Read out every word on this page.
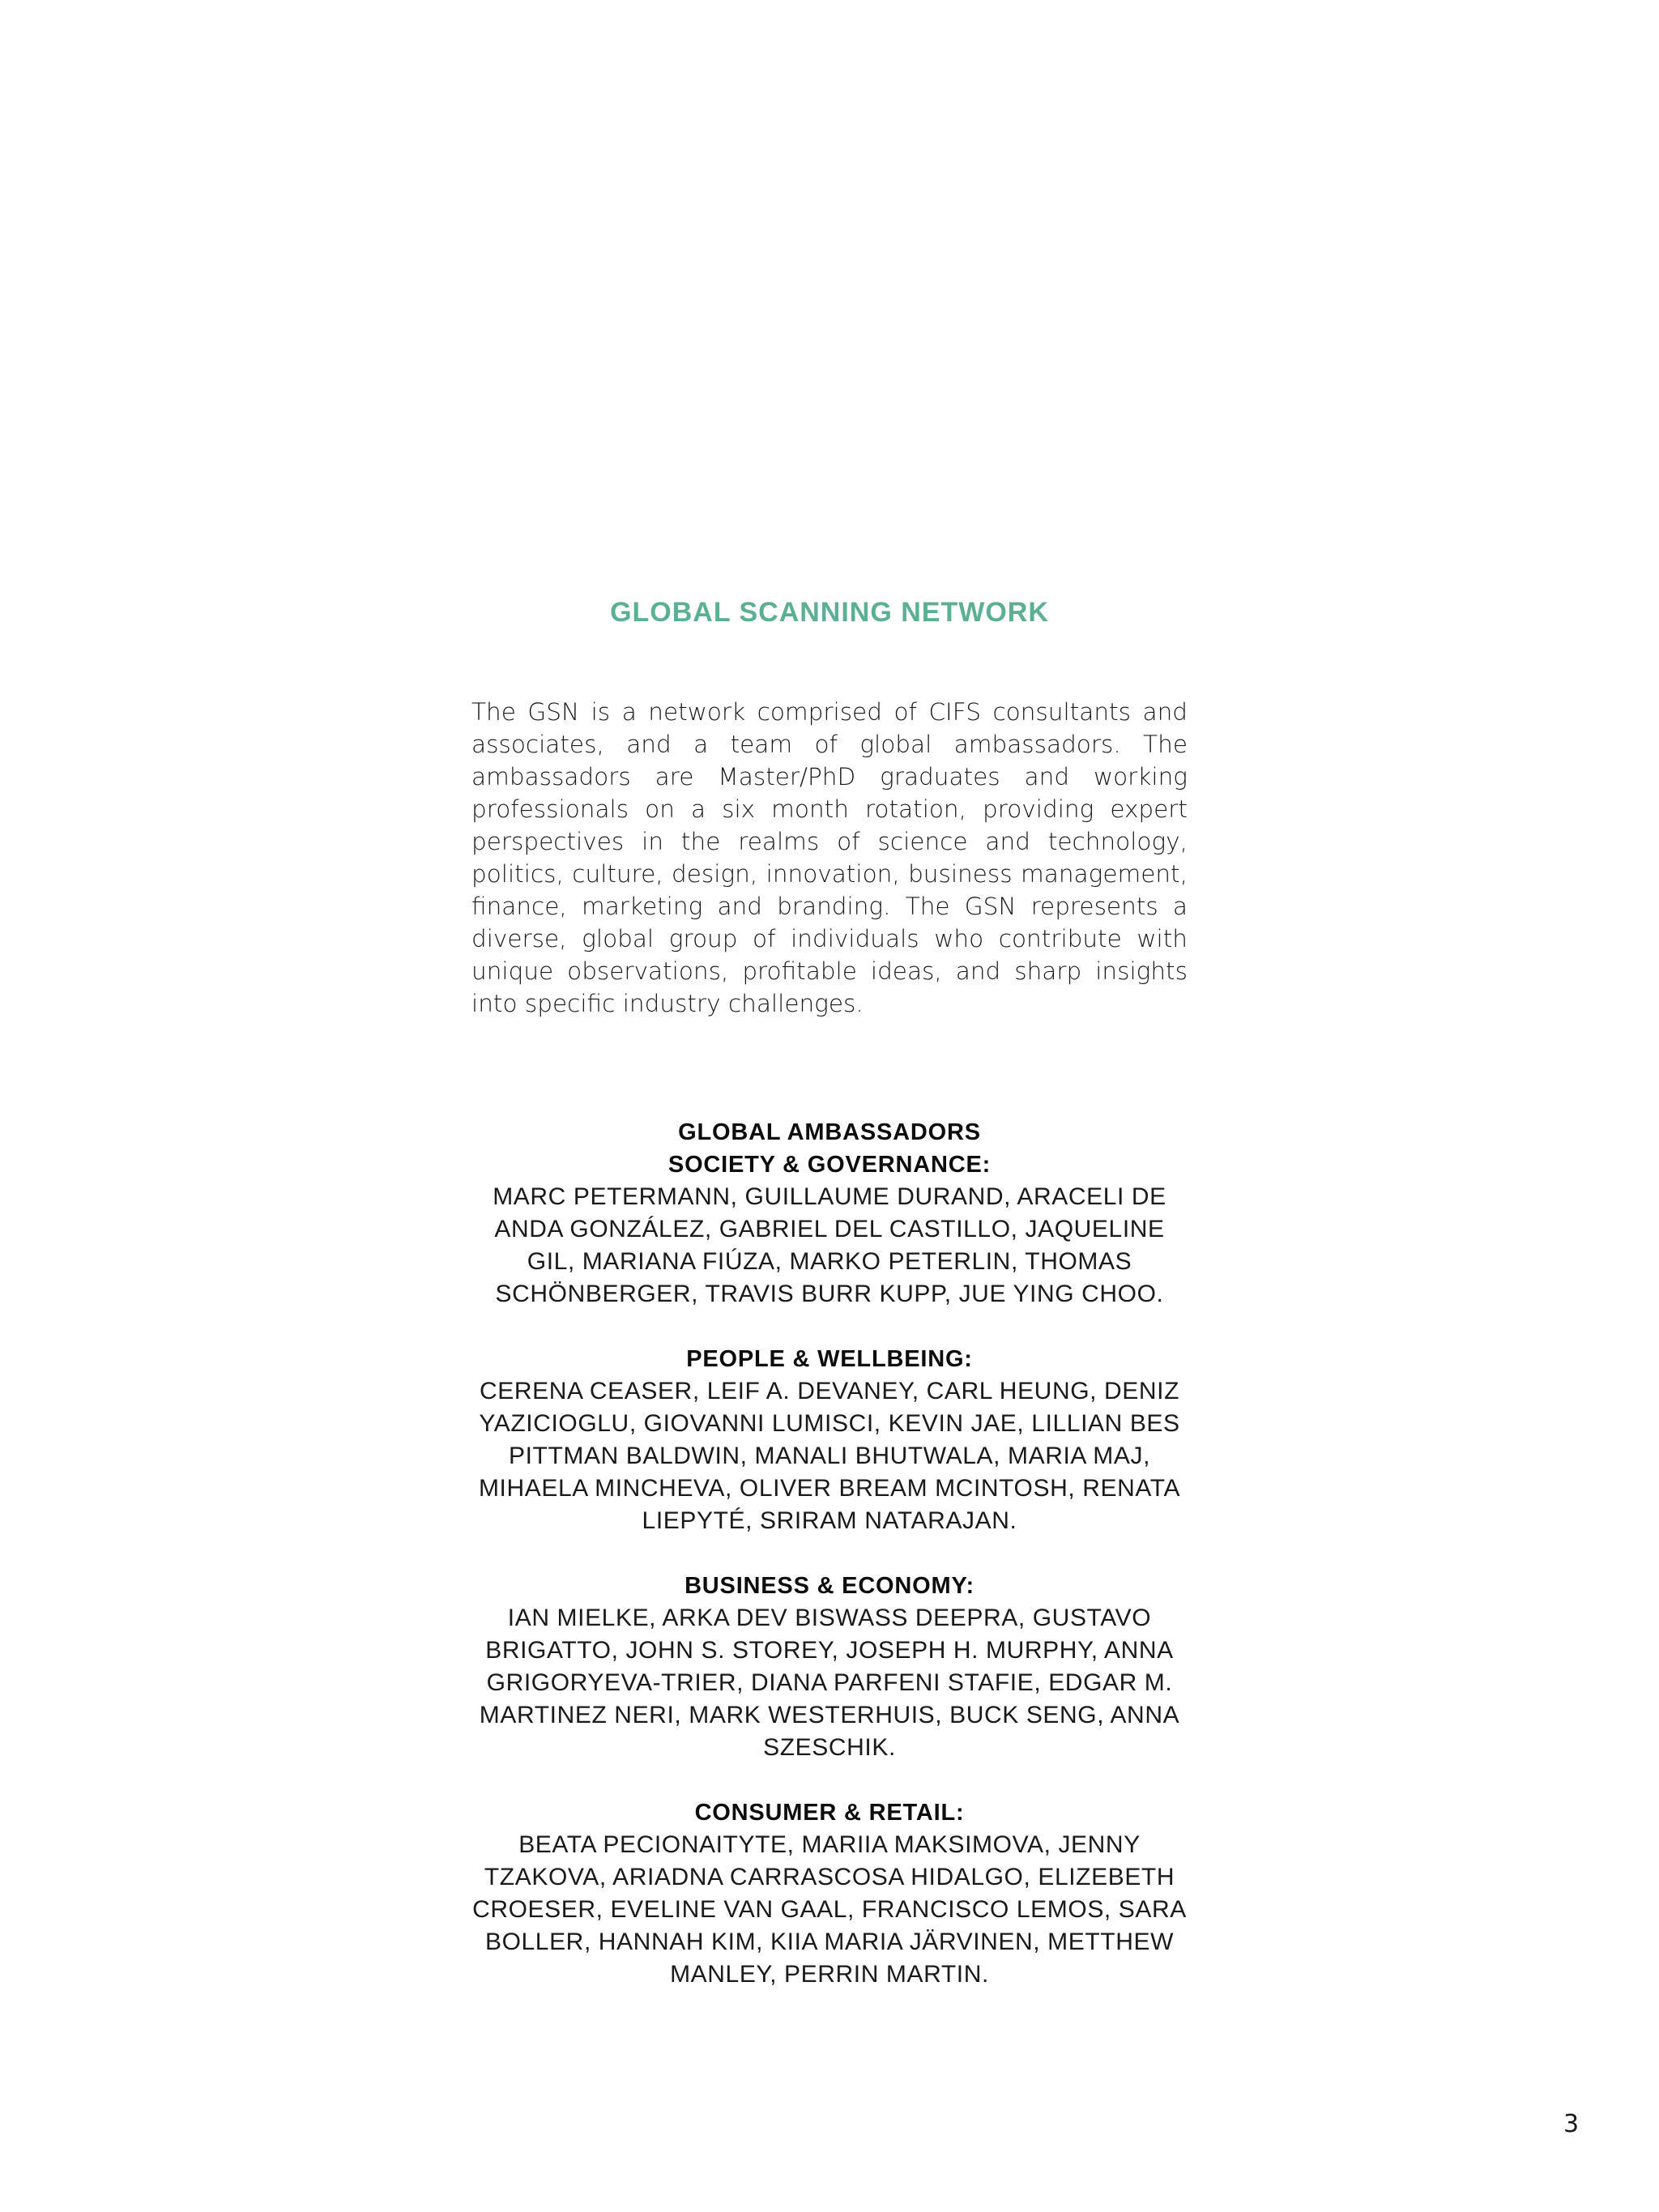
GLOBAL SCANNING NETWORK

The GSN is a network comprised of CIFS consultants and associates, and a team of global ambassadors. The ambassadors are Master/PhD graduates and working professionals on a six month rotation, providing expert perspectives in the realms of science and technology, politics, culture, design, innovation, business management, finance, marketing and branding. The GSN represents a diverse, global group of individuals who contribute with unique observations, profitable ideas, and sharp insights into specific industry challenges.

GLOBAL AMBASSADORS

SOCIETY & GOVERNANCE:

MARC PETERMANN, GUILLAUME DURAND, ARACELI DE ANDA GONZÁLEZ, GABRIEL DEL CASTILLO, JAQUELINE GIL, MARIANA FIÚZA, MARKO PETERLIN, THOMAS SCHÖNBERGER, TRAVIS BURR KUPP, JUE YING CHOO.

PEOPLE & WELLBEING:

CERENA CEASER, LEIF A. DEVANEY, CARL HEUNG, DENIZ YAZICIOGLU, GIOVANNI LUMISCI, KEVIN JAE, LILLIAN BES PITTMAN BALDWIN, MANALI BHUTWALA, MARIA MAJ, MIHAELA MINCHEVA, OLIVER BREAM MCINTOSH, RENATA LIEPYTÉ, SRIRAM NATARAJAN.

BUSINESS & ECONOMY:

IAN MIELKE, ARKA DEV BISWASS DEEPRA, GUSTAVO BRIGATTO, JOHN S. STOREY, JOSEPH H. MURPHY, ANNA GRIGORYEVA-TRIER, DIANA PARFENI STAFIE, EDGAR M. MARTINEZ NERI, MARK WESTERHUIS, BUCK SENG, ANNA SZESCHIK.

CONSUMER & RETAIL:

BEATA PECIONAITYTE, MARIIA MAKSIMOVA, JENNY TZAKOVA, ARIADNA CARRASCOSA HIDALGO, ELIZEBETH CROESER, EVELINE VAN GAAL, FRANCISCO LEMOS, SARA BOLLER, HANNAH KIM, KIIA MARIA JÄRVINEN, METTHEW MANLEY, PERRIN MARTIN.

3
